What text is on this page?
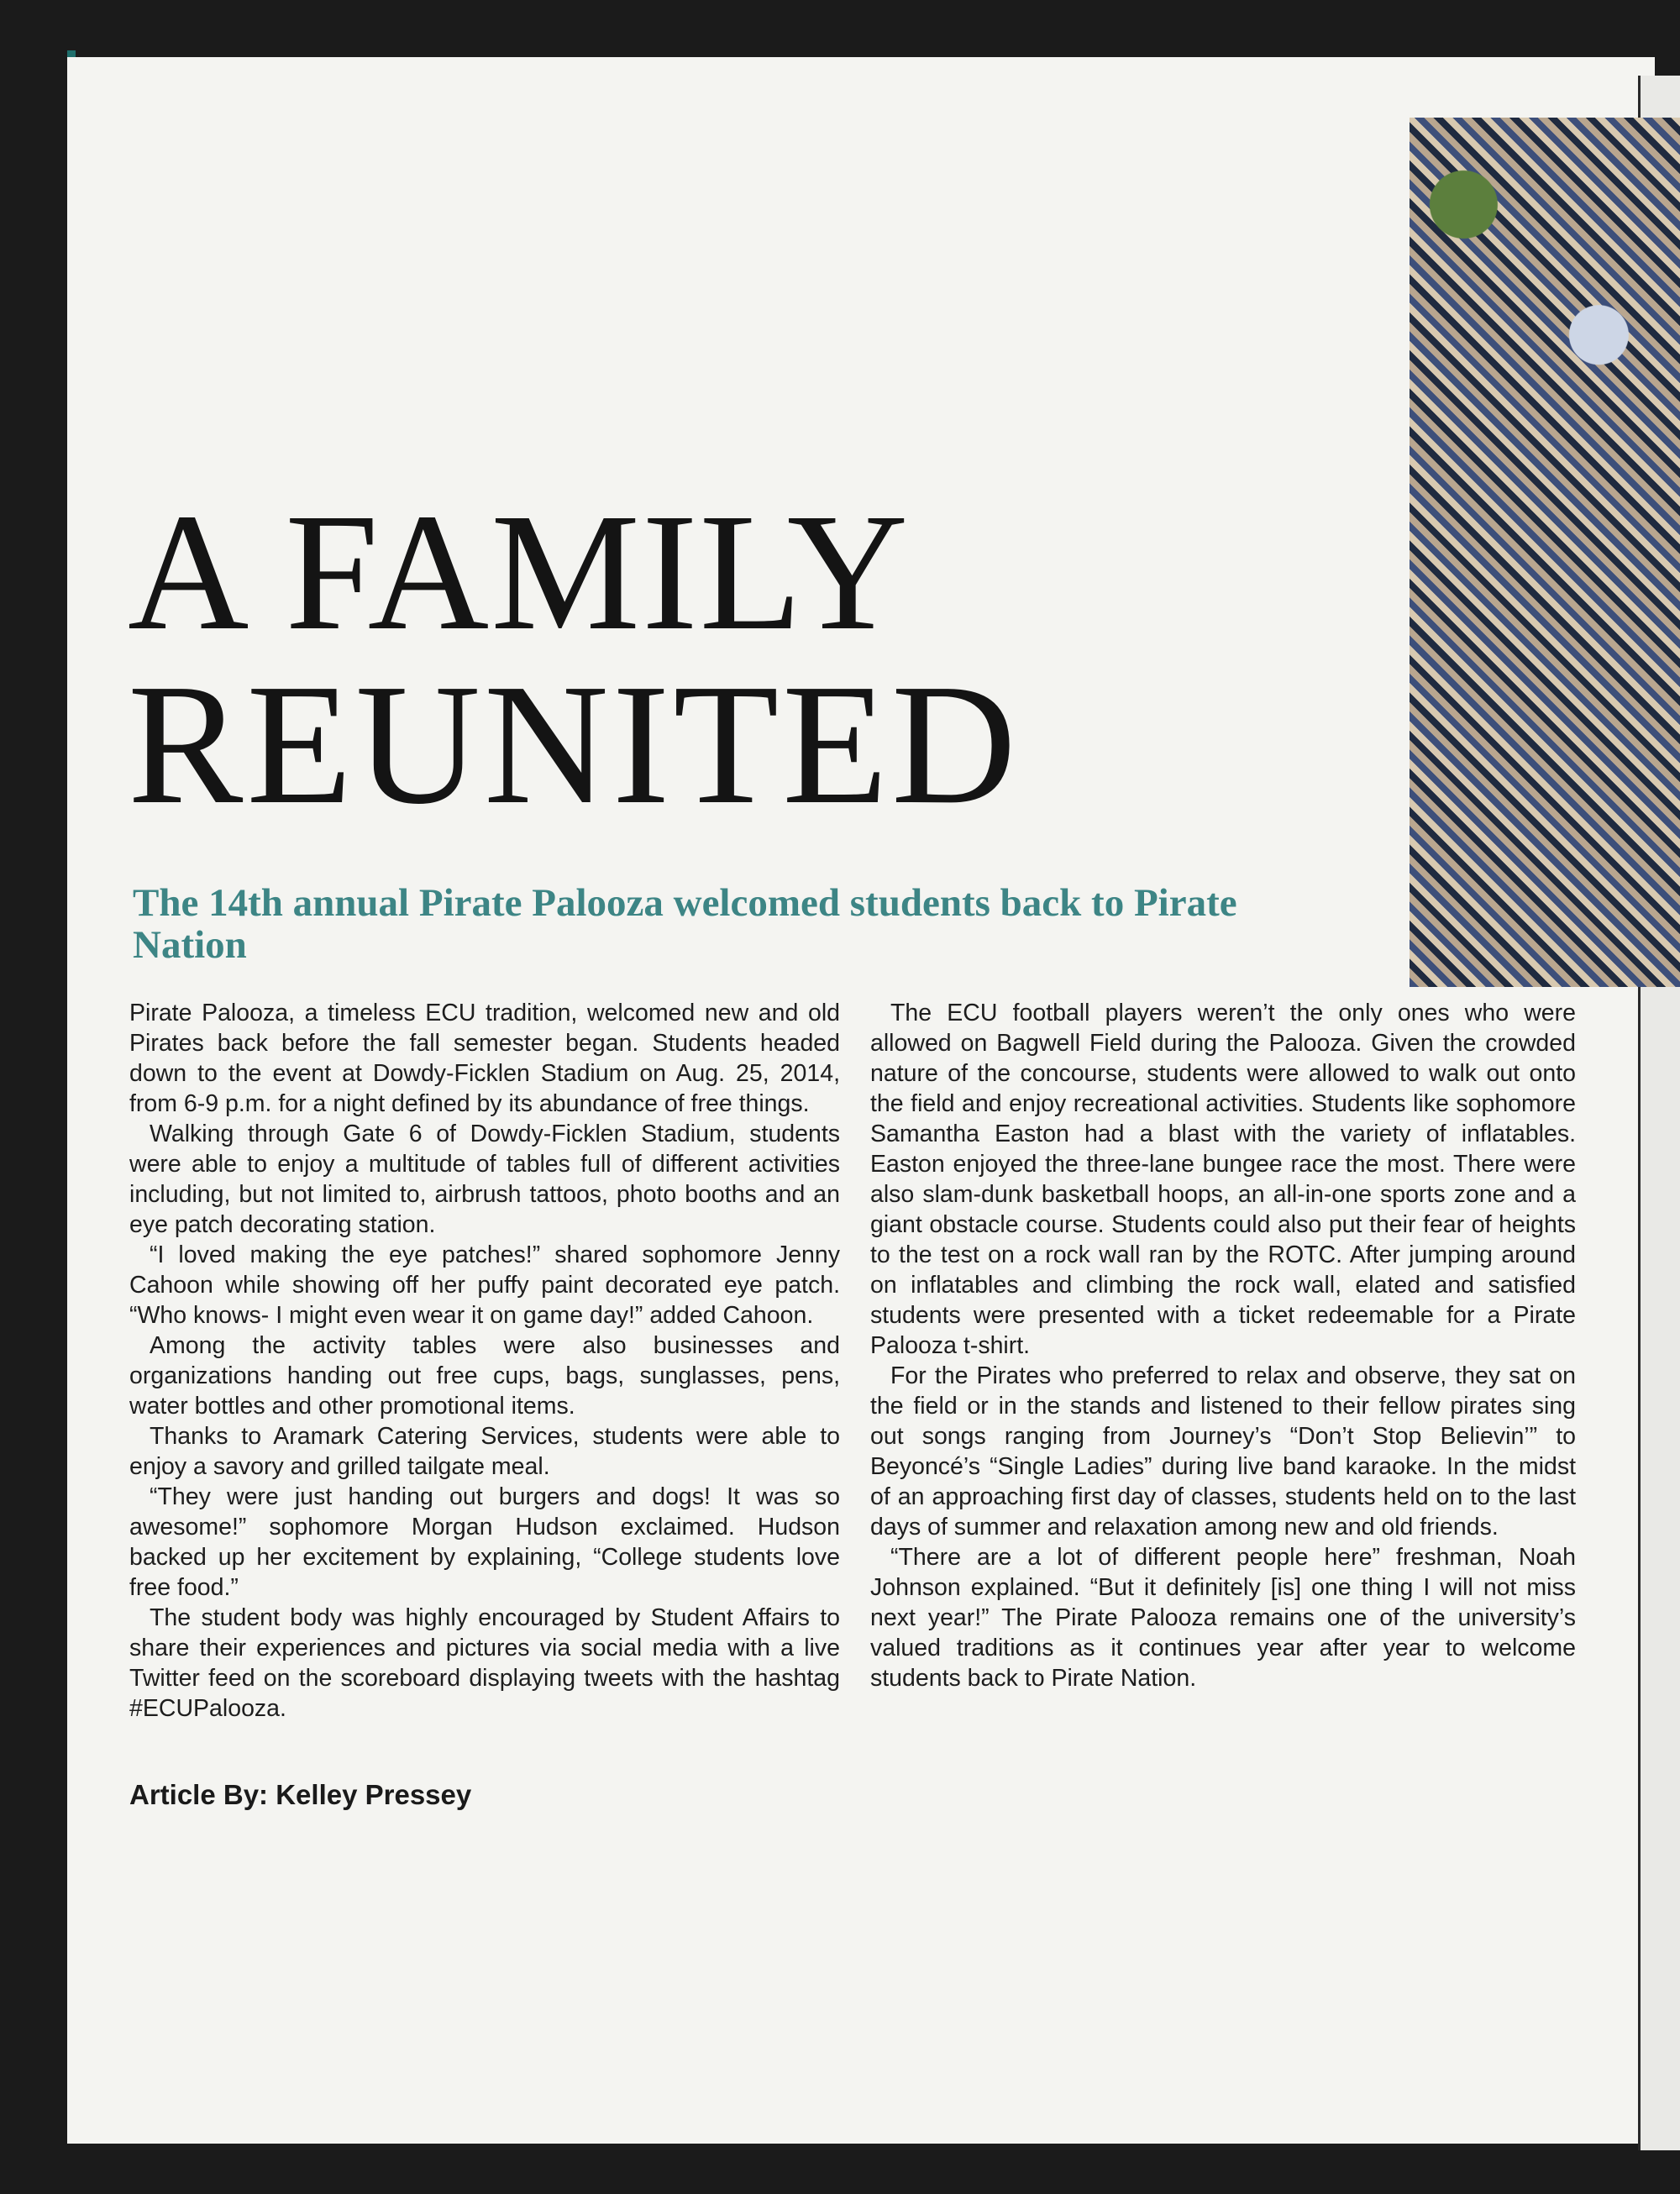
A FAMILY
REUNITED
The 14th annual Pirate Palooza welcomed students back to Pirate Nation

Pirate Palooza, a timeless ECU tradition, welcomed new and old Pirates back before the fall semester began. Students headed down to the event at Dowdy-Ficklen Stadium on Aug. 25, 2014, from 6-9 p.m. for a night defined by its abundance of free things.

Walking through Gate 6 of Dowdy-Ficklen Stadium, students were able to enjoy a multitude of tables full of different activities including, but not limited to, airbrush tattoos, photo booths and an eye patch decorating station.

“I loved making the eye patches!” shared sophomore Jenny Cahoon while showing off her puffy paint decorated eye patch. “Who knows- I might even wear it on game day!” added Cahoon.

Among the activity tables were also businesses and organizations handing out free cups, bags, sunglasses, pens, water bottles and other promotional items.

Thanks to Aramark Catering Services, students were able to enjoy a savory and grilled tailgate meal.

“They were just handing out burgers and dogs! It was so awesome!” sophomore Morgan Hudson exclaimed. Hudson backed up her excitement by explaining, “College students love free food.”

The student body was highly encouraged by Student Affairs to share their experiences and pictures via social media with a live Twitter feed on the scoreboard displaying tweets with the hashtag #ECUPalooza.

The ECU football players weren’t the only ones who were allowed on Bagwell Field during the Palooza. Given the crowded nature of the concourse, students were allowed to walk out onto the field and enjoy recreational activities. Students like sophomore Samantha Easton had a blast with the variety of inflatables. Easton enjoyed the three-lane bungee race the most. There were also slam-dunk basketball hoops, an all-in-one sports zone and a giant obstacle course. Students could also put their fear of heights to the test on a rock wall ran by the ROTC. After jumping around on inflatables and climbing the rock wall, elated and satisfied students were presented with a ticket redeemable for a Pirate Palooza t-shirt.

For the Pirates who preferred to relax and observe, they sat on the field or in the stands and listened to their fellow pirates sing out songs ranging from Journey’s “Don’t Stop Believin’” to Beyoncé’s “Single Ladies” during live band karaoke. In the midst of an approaching first day of classes, students held on to the last days of summer and relaxation among new and old friends.

“There are a lot of different people here” freshman, Noah Johnson explained. “But it definitely [is] one thing I will not miss next year!” The Pirate Palooza remains one of the university’s valued traditions as it continues year after year to welcome students back to Pirate Nation.

Article By: Kelley Pressey
